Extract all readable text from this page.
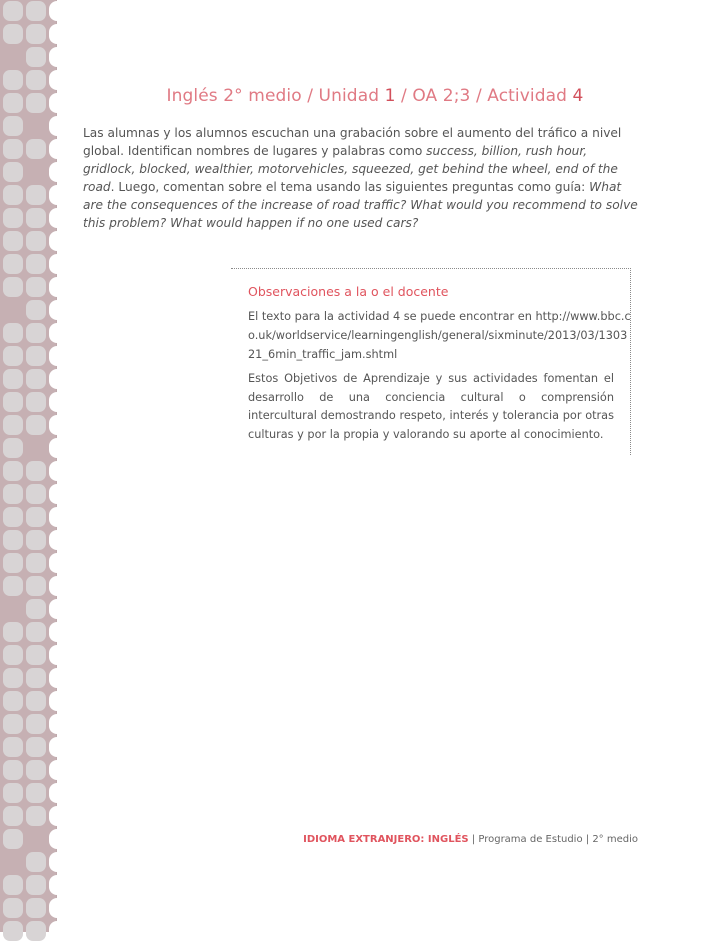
Inglés 2° medio / Unidad 1 / OA 2;3 / Actividad 4
Las alumnas y los alumnos escuchan una grabación sobre el aumento del tráfico a nivel global. Identifican nombres de lugares y palabras como success, billion, rush hour, gridlock, blocked, wealthier, motorvehicles, squeezed, get behind the wheel, end of the road. Luego, comentan sobre el tema usando las siguientes preguntas como guía: What are the consequences of the increase of road traffic? What would you recommend to solve this problem? What would happen if no one used cars?
Observaciones a la o el docente
El texto para la actividad 4 se puede encontrar en http://www.bbc.co.uk/worldservice/learningenglish/general/sixminute/2013/03/130321_6min_traffic_jam.shtml
Estos Objetivos de Aprendizaje y sus actividades fomentan el desarrollo de una conciencia cultural o comprensión intercultural demostrando respeto, interés y tolerancia por otras culturas y por la propia y valorando su aporte al conocimiento.
IDIOMA EXTRANJERO: INGLÉS | Programa de Estudio | 2° medio
